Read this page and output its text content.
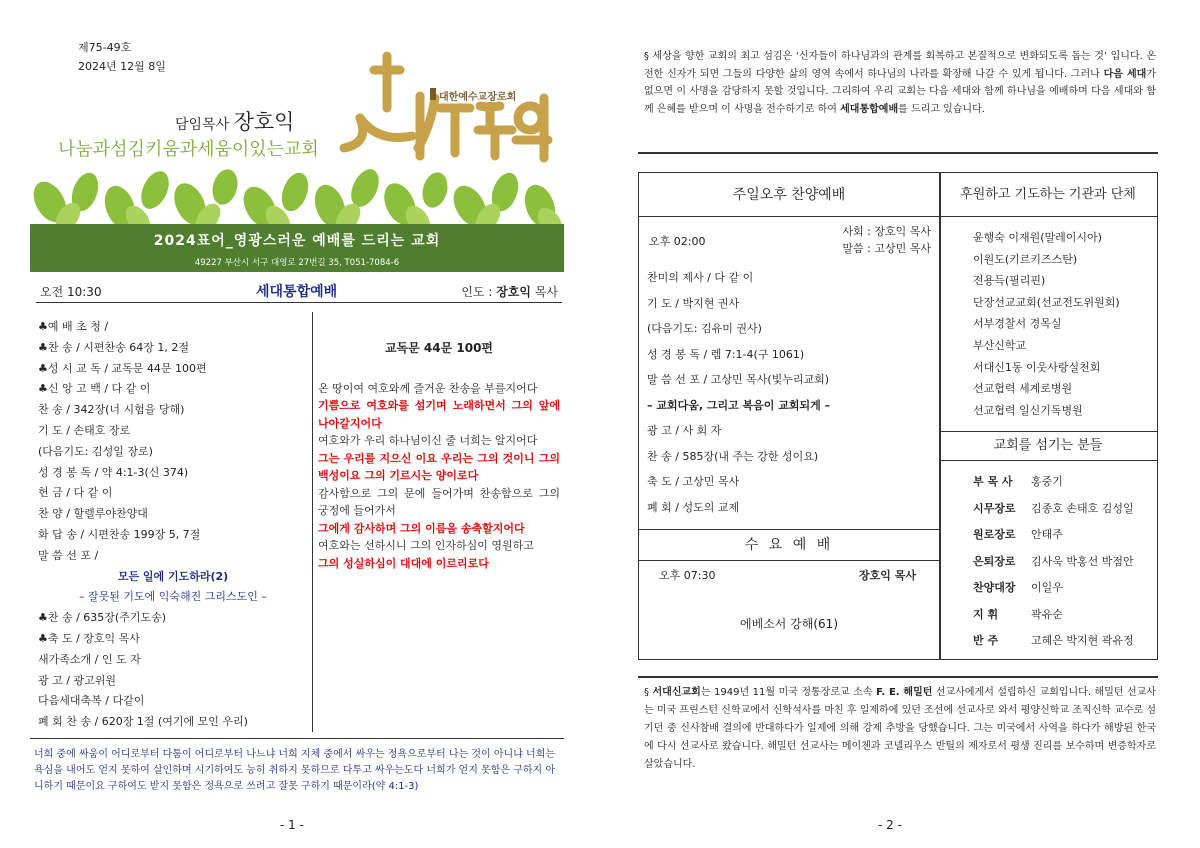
제75-49호
2024년 12월 8일
담임목사 장호익
나눔과섬김키움과세움이있는교회
대한예수교장로회
2024표어_영광스러운 예배를 드리는 교회
49227 부산시 서구 대영로 27번길 35, T051-7084-6
오전 10:30	세대통합예배	인도 : 장호익 목사
♣예 배 초 청 /
♣찬 송 / 시편찬송 64장 1, 2절
♣성 시 교 독 / 교독문 44문 100편
♣신 앙 고 백 / 다 같 이
찬 송 / 342장(너 시험을 당해)
기 도 / 손태호 장로
(다음기도: 김성일 장로)
성 경 봉 독 / 약 4:1-3(신 374)
헌 금 / 다 같 이
찬 양 / 할렐루야찬양대
화 답 송 / 시편찬송 199장 5, 7절
말 씀 선 포 /
모든 일에 기도하라(2)
– 잘못된 기도에 익숙해진 그리스도인 –
♣찬 송 / 635장(주기도송)
♣축 도 / 장호익 목사
새가족소개 / 인 도 자
광 고 / 광고위원
다음세대축복 / 다같이
폐 회 찬 송 / 620장 1절 (여기에 모인 우리)
교독문 44문 100편

온 땅이여 여호와께 즐거운 찬송을 부를지어다

기쁨으로 여호와를 섬기며 노래하면서 그의 앞에 나아갈지어다

여호와가 우리 하나님이신 줄 너희는 알지어다

그는 우리를 지으신 이요 우리는 그의 것이니 그의 백성이요 그의 기르시는 양이로다

감사함으로 그의 문에 들어가며 찬송함으로 그의 궁정에 들어가서

그에게 감사하며 그의 이름을 송축할지어다

여호와는 선하시니 그의 인자하심이 영원하고

그의 성실하심이 대대에 이르리로다

너희 중에 싸움이 어디로부터 다툼이 어디로부터 나느냐 너희 지체 중에서 싸우는 정욕으로부터 나는 것이 아니냐 너희는 욕심을 내어도 얻지 못하여 살인하며 시기하여도 능히 취하지 못하므로 다투고 싸우는도다 너희가 얻지 못함은 구하지 아니하기 때문이요 구하여도 받지 못함은 정욕으로 쓰려고 잘못 구하기 때문이라(약 4:1-3)
- 1 -
§ 세상을 향한 교회의 최고 섬김은 ‘신자들이 하나님과의 관계를 회복하고 본질적으로 변화되도록 돕는 것’ 입니다. 온전한 신자가 되면 그들의 다양한 삶의 영역 속에서 하나님의 나라를 확장해 나갈 수 있게 됩니다. 그러나 다음 세대가 없으면 이 사명을 감당하지 못할 것입니다. 그리하여 우리 교회는 다음 세대와 함께 하나님을 예배하며 다음 세대와 함께 은혜를 받으며 이 사명을 전수하기로 하여 세대통합예배를 드리고 있습니다.
주일오후 찬양예배
오후 02:00
사회 : 장호익 목사
말씀 : 고상민 목사
찬미의 제사 / 다 같 이
기 도 / 박지현 권사
(다음기도: 김유미 권사)
성 경 봉 독 / 렘 7:1-4(구 1061)
말 씀 선 포 / 고상민 목사(빛누리교회)
– 교회다움, 그리고 복음이 교회되게 –
광 고 / 사 회 자
찬 송 / 585장(내 주는 강한 성이요)
축 도 / 고상민 목사
폐 회 / 성도의 교제
수 요 예 배
오후 07:30	장호익 목사
에베소서 강해(61)
후원하고 기도하는 기관과 단체
윤행숙 이재원(말레이시아)
이원도(키르키즈스탄)
전용득(필리핀)
단장선교교회(선교전도위원회)
서부경찰서 경목실
부산신학교
서대신1동 이웃사랑실천회
선교협력 세계로병원
선교협력 일신기독병원
교회를 섬기는 분들
부 목 사 홍중기
시무장로 김종호 손태호 김성일
원로장로 안태주
은퇴장로 김사욱 박홍선 박점안
찬양대장 이일우
지 휘	곽유순
반 주	고혜은 박지현 곽유정
§ 서대신교회는 1949년 11월 미국 정통장로교 소속 F. E. 해밀턴 선교사에게서 설립하신 교회입니다. 해밀턴 선교사는 미국 프린스턴 신학교에서 신학석사를 마친 후 일제하에 있던 조선에 선교사로 와서 평양신학교 조직신학 교수로 섬기던 중 신사참배 결의에 반대하다가 일제에 의해 강제 추방을 당했습니다. 그는 미국에서 사역을 하다가 해방된 한국에 다시 선교사로 왔습니다. 해밀턴 선교사는 메이첸과 코넬리우스 반틸의 제자로서 평생 진리를 보수하며 변증학자로 살았습니다.
- 2 -
